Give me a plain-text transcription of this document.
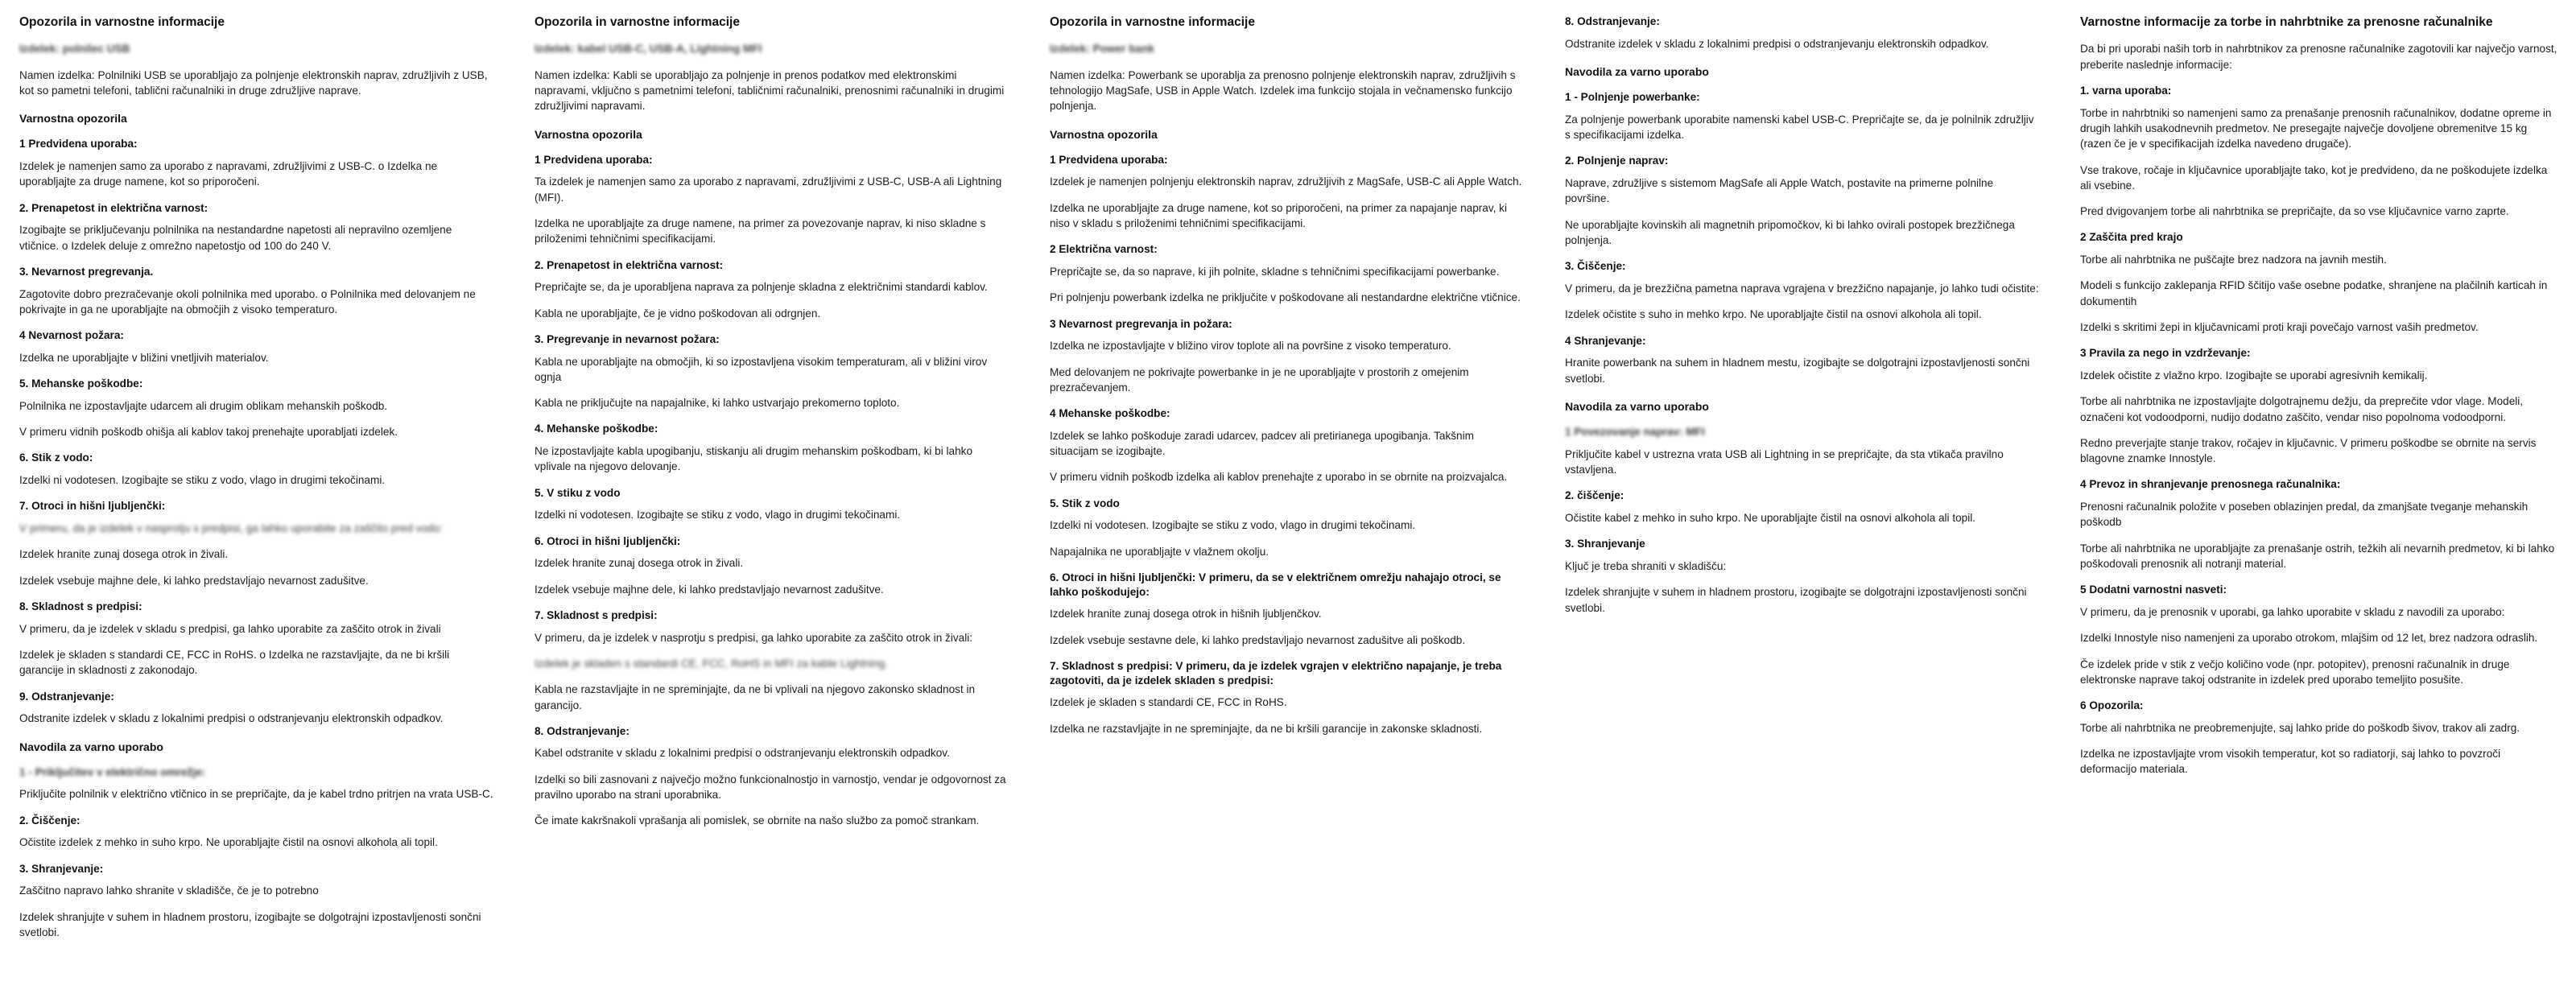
Opozorila in varnostne informacije

Izdelek: polnilec USB

Namen izdelka: Polnilniki USB se uporabljajo za polnjenje elektronskih naprav, združljivih z USB, kot so pametni telefoni, tablični računalniki in druge združljive naprave.

Varnostna opozorila
1 Predvidena uporaba:

Izdelek je namenjen samo za uporabo z napravami, združljivimi z USB-C. o Izdelka ne uporabljajte za druge namene, kot so priporočeni.

2. Prenapetost in električna varnost:

Izogibajte se priključevanju polnilnika na nestandardne napetosti ali nepravilno ozemljene vtičnice. o Izdelek deluje z omrežno napetostjo od 100 do 240 V.

3. Nevarnost pregrevanja.

Zagotovite dobro prezračevanje okoli polnilnika med uporabo. o Polnilnika med delovanjem ne pokrivajte in ga ne uporabljajte na območjih z visoko temperaturo.

4 Nevarnost požara:

Izdelka ne uporabljajte v bližini vnetljivih materialov.

5. Mehanske poškodbe:

Polnilnika ne izpostavljajte udarcem ali drugim oblikam mehanskih poškodb.

V primeru vidnih poškodb ohišja ali kablov takoj prenehajte uporabljati izdelek.

6. Stik z vodo:

Izdelki ni vodotesen. Izogibajte se stiku z vodo, vlago in drugimi tekočinami.

7. Otroci in hišni ljubljenčki:

V primeru, da je izdelek v nasprotju s predpisi, ga lahko uporabite za zaščito pred vodo:

Izdelek hranite zunaj dosega otrok in živali.

Izdelek vsebuje majhne dele, ki lahko predstavljajo nevarnost zadušitve.

8. Skladnost s predpisi:

V primeru, da je izdelek v skladu s predpisi, ga lahko uporabite za zaščito otrok in živali

Izdelek je skladen s standardi CE, FCC in RoHS. o Izdelka ne razstavljajte, da ne bi kršili garancije in skladnosti z zakonodajo.

9. Odstranjevanje:

Odstranite izdelek v skladu z lokalnimi predpisi o odstranjevanju elektronskih odpadkov.

Navodila za varno uporabo
1 - Priključitev v električno omrežje:

Priključite polnilnik v električno vtičnico in se prepričajte, da je kabel trdno pritrjen na vrata USB-C.

2. Čiščenje:

Očistite izdelek z mehko in suho krpo. Ne uporabljajte čistil na osnovi alkohola ali topil.

3. Shranjevanje:

Zaščitno napravo lahko shranite v skladišče, če je to potrebno

Izdelek shranjujte v suhem in hladnem prostoru, izogibajte se dolgotrajni izpostavljenosti sončni svetlobi.

Opozorila in varnostne informacije

Izdelek: kabel USB-C, USB-A, Lightning MFI

Namen izdelka: Kabli se uporabljajo za polnjenje in prenos podatkov med elektronskimi napravami, vključno s pametnimi telefoni, tabličnimi računalniki, prenosnimi računalniki in drugimi združljivimi napravami.

Varnostna opozorila
1 Predvidena uporaba:

Ta izdelek je namenjen samo za uporabo z napravami, združljivimi z USB-C, USB-A ali Lightning (MFI).

Izdelka ne uporabljajte za druge namene, na primer za povezovanje naprav, ki niso skladne s priloženimi tehničnimi specifikacijami.

2. Prenapetost in električna varnost:

Prepričajte se, da je uporabljena naprava za polnjenje skladna z električnimi standardi kablov.

Kabla ne uporabljajte, če je vidno poškodovan ali odrgnjen.

3. Pregrevanje in nevarnost požara:

Kabla ne uporabljajte na območjih, ki so izpostavljena visokim temperaturam, ali v bližini virov ognja

Kabla ne priključujte na napajalnike, ki lahko ustvarjajo prekomerno toploto.

4. Mehanske poškodbe:

Ne izpostavljajte kabla upogibanju, stiskanju ali drugim mehanskim poškodbam, ki bi lahko vplivale na njegovo delovanje.

5. V stiku z vodo

Izdelki ni vodotesen. Izogibajte se stiku z vodo, vlago in drugimi tekočinami.

6. Otroci in hišni ljubljenčki:

Izdelek hranite zunaj dosega otrok in živali.

Izdelek vsebuje majhne dele, ki lahko predstavljajo nevarnost zadušitve.

7. Skladnost s predpisi:

V primeru, da je izdelek v nasprotju s predpisi, ga lahko uporabite za zaščito otrok in živali:

Izdelek je skladen s standardi CE, FCC, RoHS in MFI za kable Lightning.

Kabla ne razstavljajte in ne spreminjajte, da ne bi vplivali na njegovo zakonsko skladnost in garancijo.

8. Odstranjevanje:

Kabel odstranite v skladu z lokalnimi predpisi o odstranjevanju elektronskih odpadkov.

Izdelki so bili zasnovani z največjo možno funkcionalnostjo in varnostjo, vendar je odgovornost za pravilno uporabo na strani uporabnika.

Če imate kakršnakoli vprašanja ali pomislek, se obrnite na našo službo za pomoč strankam.

Opozorila in varnostne informacije

Izdelek: Power bank

Namen izdelka: Powerbank se uporablja za prenosno polnjenje elektronskih naprav, združljivih s tehnologijo MagSafe, USB in Apple Watch. Izdelek ima funkcijo stojala in večnamensko funkcijo polnjenja.

Varnostna opozorila
1 Predvidena uporaba:

Izdelek je namenjen polnjenju elektronskih naprav, združljivih z MagSafe, USB-C ali Apple Watch.

Izdelka ne uporabljajte za druge namene, kot so priporočeni, na primer za napajanje naprav, ki niso v skladu s priloženimi tehničnimi specifikacijami.

2 Električna varnost:

Prepričajte se, da so naprave, ki jih polnite, skladne s tehničnimi specifikacijami powerbanke.

Pri polnjenju powerbank izdelka ne priključite v poškodovane ali nestandardne električne vtičnice.

3 Nevarnost pregrevanja in požara:

Izdelka ne izpostavljajte v bližino virov toplote ali na površine z visoko temperaturo.

Med delovanjem ne pokrivajte powerbanke in je ne uporabljajte v prostorih z omejenim prezračevanjem.

4 Mehanske poškodbe:

Izdelek se lahko poškoduje zaradi udarcev, padcev ali pretirianega upogibanja. Takšnim situacijam se izogibajte.

V primeru vidnih poškodb izdelka ali kablov prenehajte z uporabo in se obrnite na proizvajalca.

5. Stik z vodo

Izdelki ni vodotesen. Izogibajte se stiku z vodo, vlago in drugimi tekočinami.

Napajalnika ne uporabljajte v vlažnem okolju.

6. Otroci in hišni ljubljenčki: V primeru, da se v električnem omrežju nahajajo otroci, se lahko poškodujejo:

Izdelek hranite zunaj dosega otrok in hišnih ljubljenčkov.

Izdelek vsebuje sestavne dele, ki lahko predstavljajo nevarnost zadušitve ali poškodb.

7. Skladnost s predpisi: V primeru, da je izdelek vgrajen v električno napajanje, je treba zagotoviti, da je izdelek skladen s predpisi:

Izdelek je skladen s standardi CE, FCC in RoHS.

Izdelka ne razstavljajte in ne spreminjajte, da ne bi kršili garancije in zakonske skladnosti.

8. Odstranjevanje:

Odstranite izdelek v skladu z lokalnimi predpisi o odstranjevanju elektronskih odpadkov.

Navodila za varno uporabo
1 - Polnjenje powerbanke:

Za polnjenje powerbank uporabite namenski kabel USB-C. Prepričajte se, da je polnilnik združljiv s specifikacijami izdelka.

2. Polnjenje naprav:

Naprave, združljive s sistemom MagSafe ali Apple Watch, postavite na primerne polnilne površine.

Ne uporabljajte kovinskih ali magnetnih pripomočkov, ki bi lahko ovirali postopek brezžičnega polnjenja.

3. Čiščenje:

V primeru, da je brezžična pametna naprava vgrajena v brezžično napajanje, jo lahko tudi očistite:

Izdelek očistite s suho in mehko krpo. Ne uporabljajte čistil na osnovi alkohola ali topil.

4 Shranjevanje:

Hranite powerbank na suhem in hladnem mestu, izogibajte se dolgotrajni izpostavljenosti sončni svetlobi.

Navodila za varno uporabo
1 Povezovanje naprav: MFI

Priključite kabel v ustrezna vrata USB ali Lightning in se prepričajte, da sta vtikača pravilno vstavljena.

2. čiščenje:

Očistite kabel z mehko in suho krpo. Ne uporabljajte čistil na osnovi alkohola ali topil.

3. Shranjevanje

Ključ je treba shraniti v skladišču:

Izdelek shranjujte v suhem in hladnem prostoru, izogibajte se dolgotrajni izpostavljenosti sončni svetlobi.

Varnostne informacije za torbe in nahrbtnike za prenosne računalnike

Da bi pri uporabi naših torb in nahrbtnikov za prenosne računalnike zagotovili kar največjo varnost, preberite naslednje informacije:

1. varna uporaba:

Torbe in nahrbtniki so namenjeni samo za prenašanje prenosnih računalnikov, dodatne opreme in drugih lahkih usakodnevnih predmetov. Ne presegajte največje dovoljene obremenitve 15 kg (razen če je v specifikacijah izdelka navedeno drugače).

Vse trakove, ročaje in ključavnice uporabljajte tako, kot je predvideno, da ne poškodujete izdelka ali vsebine.

Pred dvigovanjem torbe ali nahrbtnika se prepričajte, da so vse ključavnice varno zaprte.

2 Zaščita pred krajo

Torbe ali nahrbtnika ne puščajte brez nadzora na javnih mestih.

Modeli s funkcijo zaklepanja RFID ščitijo vaše osebne podatke, shranjene na plačilnih karticah in dokumentih

Izdelki s skritimi žepi in ključavnicami proti kraji povečajo varnost vaših predmetov.

3 Pravila za nego in vzdrževanje:

Izdelek očistite z vlažno krpo. Izogibajte se uporabi agresivnih kemikalij.

Torbe ali nahrbtnika ne izpostavljajte dolgotrajnemu dežju, da preprečite vdor vlage. Modeli, označeni kot vodoodporni, nudijo dodatno zaščito, vendar niso popolnoma vodoodporni.

Redno preverjajte stanje trakov, ročajev in ključavnic. V primeru poškodbe se obrnite na servis blagovne znamke Innostyle.

4 Prevoz in shranjevanje prenosnega računalnika:

Prenosni računalnik položite v poseben oblazinjen predal, da zmanjšate tveganje mehanskih poškodb

Torbe ali nahrbtnika ne uporabljajte za prenašanje ostrih, težkih ali nevarnih predmetov, ki bi lahko poškodovali prenosnik ali notranji material.

5 Dodatni varnostni nasveti:

V primeru, da je prenosnik v uporabi, ga lahko uporabite v skladu z navodili za uporabo:

Izdelki Innostyle niso namenjeni za uporabo otrokom, mlajšim od 12 let, brez nadzora odraslih.

Če izdelek pride v stik z večjo količino vode (npr. potopitev), prenosni računalnik in druge elektronske naprave takoj odstranite in izdelek pred uporabo temeljito posušite.

6 Opozorila:

Torbe ali nahrbtnika ne preobremenjujte, saj lahko pride do poškodb šivov, trakov ali zadrg.

Izdelka ne izpostavljajte vrom visokih temperatur, kot so radiatorji, saj lahko to povzroči deformacijo materiala.
